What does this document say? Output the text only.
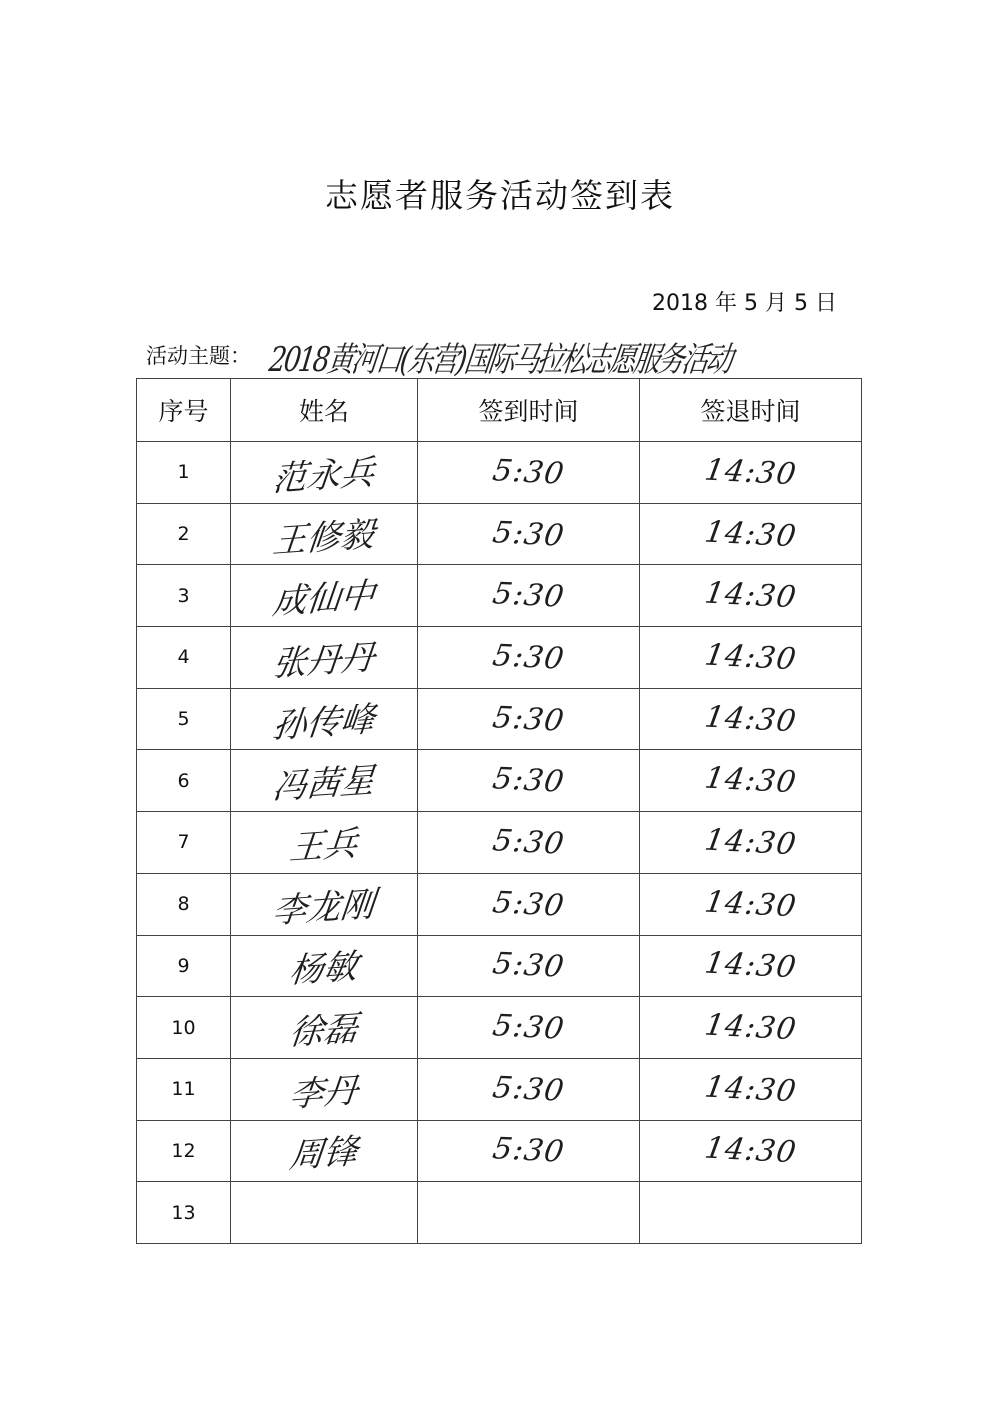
志愿者服务活动签到表
2018 年 5 月 5 日
活动主题： 2018黄河口(东营)国际马拉松志愿服务活动
序号	姓名	签到时间	签退时间
1	范永兵	5:30	14:30
2	王修毅	5:30	14:30
3	成仙中	5:30	14:30
4	张丹丹	5:30	14:30
5	孙传峰	5:30	14:30
6	冯茜星	5:30	14:30
7	王兵	5:30	14:30
8	李龙刚	5:30	14:30
9	杨敏	5:30	14:30
10	徐磊	5:30	14:30
11	李丹	5:30	14:30
12	周锋	5:30	14:30
13			
